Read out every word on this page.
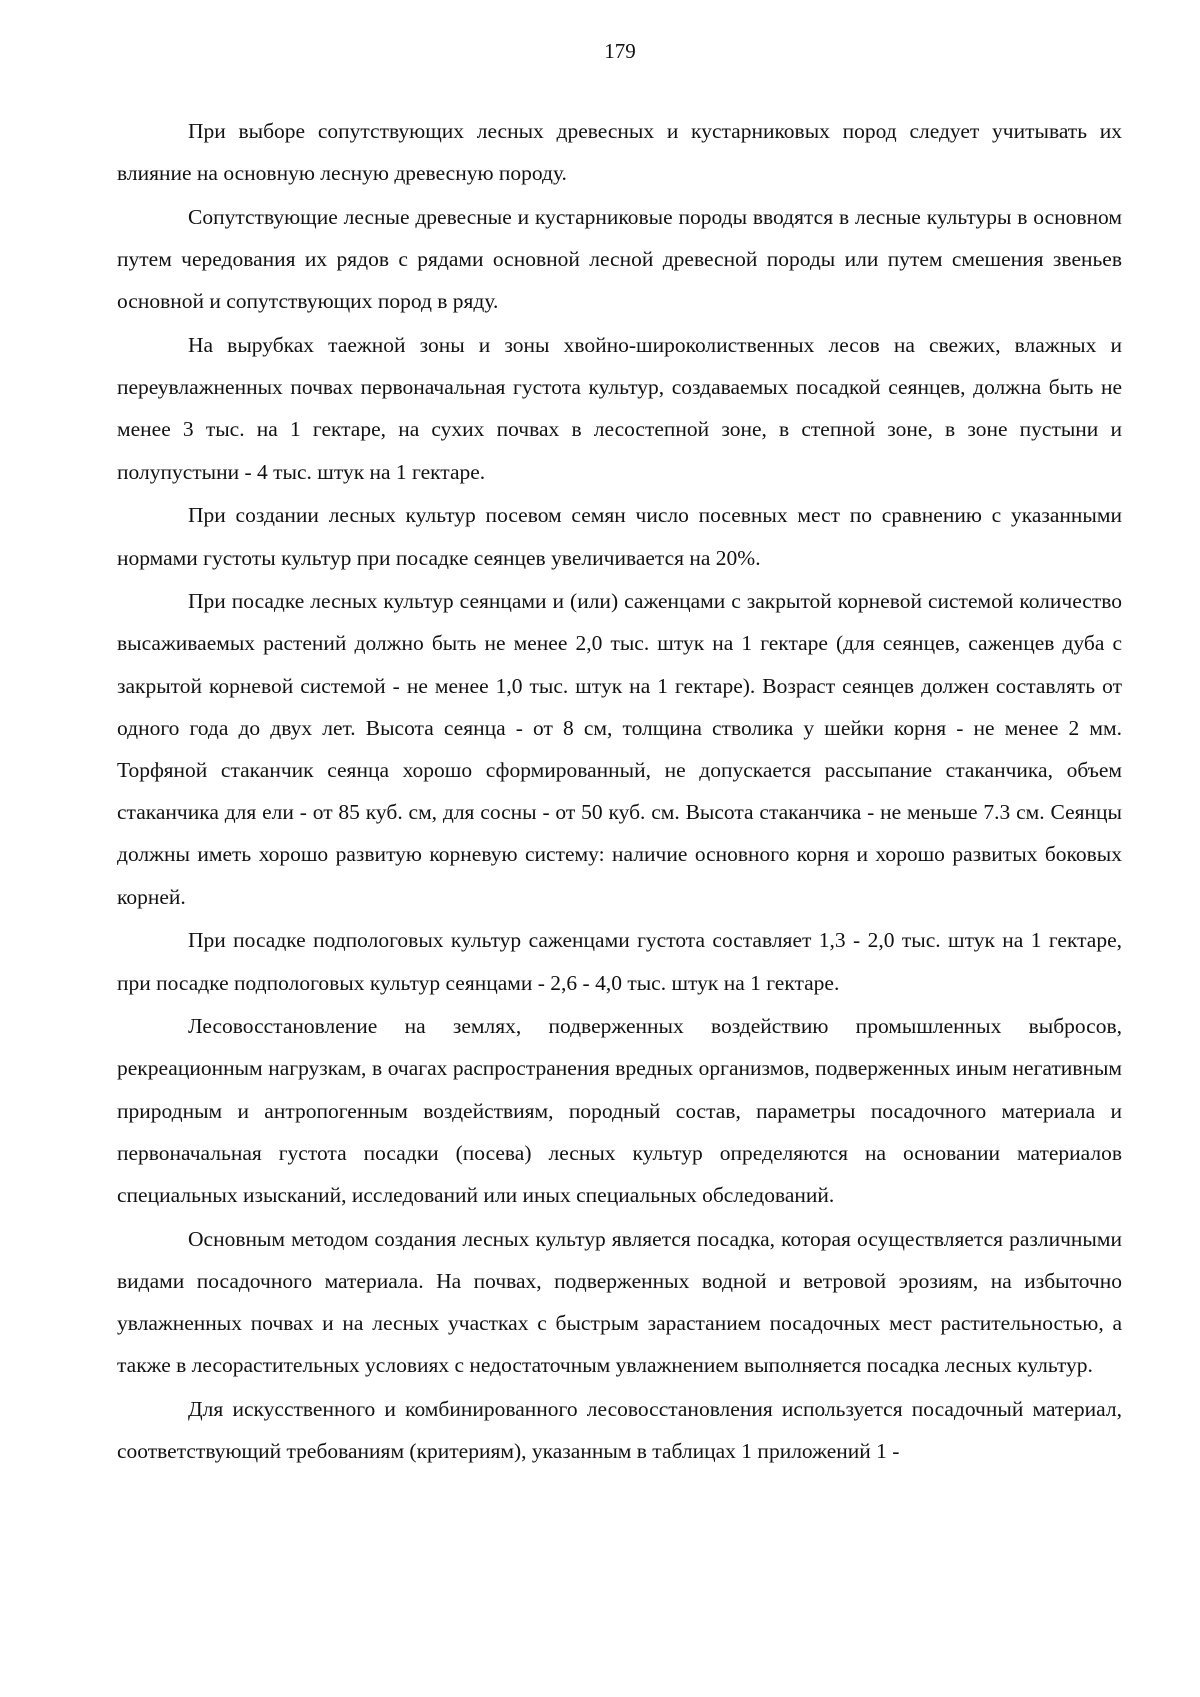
179

При выборе сопутствующих лесных древесных и кустарниковых пород следует учитывать их влияние на основную лесную древесную породу.

Сопутствующие лесные древесные и кустарниковые породы вводятся в лесные культуры в основном путем чередования их рядов с рядами основной лесной древесной породы или путем смешения звеньев основной и сопутствующих пород в ряду.

На вырубках таежной зоны и зоны хвойно-широколиственных лесов на свежих, влажных и переувлажненных почвах первоначальная густота культур, создаваемых посадкой сеянцев, должна быть не менее 3 тыс. на 1 гектаре, на сухих почвах в лесостепной зоне, в степной зоне, в зоне пустыни и полупустыни - 4 тыс. штук на 1 гектаре.

При создании лесных культур посевом семян число посевных мест по сравнению с указанными нормами густоты культур при посадке сеянцев увеличивается на 20%.

При посадке лесных культур сеянцами и (или) саженцами с закрытой корневой системой количество высаживаемых растений должно быть не менее 2,0 тыс. штук на 1 гектаре (для сеянцев, саженцев дуба с закрытой корневой системой - не менее 1,0 тыс. штук на 1 гектаре). Возраст сеянцев должен составлять от одного года до двух лет. Высота сеянца - от 8 см, толщина стволика у шейки корня - не менее 2 мм. Торфяной стаканчик сеянца хорошо сформированный, не допускается рассыпание стаканчика, объем стаканчика для ели - от 85 куб. см, для сосны - от 50 куб. см. Высота стаканчика - не меньше 7.3 см. Сеянцы должны иметь хорошо развитую корневую систему: наличие основного корня и хорошо развитых боковых корней.

При посадке подпологовых культур саженцами густота составляет 1,3 - 2,0 тыс. штук на 1 гектаре, при посадке подпологовых культур сеянцами - 2,6 - 4,0 тыс. штук на 1 гектаре.

Лесовосстановление на землях, подверженных воздействию промышленных выбросов, рекреационным нагрузкам, в очагах распространения вредных организмов, подверженных иным негативным природным и антропогенным воздействиям, породный состав, параметры посадочного материала и первоначальная густота посадки (посева) лесных культур определяются на основании материалов специальных изысканий, исследований или иных специальных обследований.

Основным методом создания лесных культур является посадка, которая осуществляется различными видами посадочного материала. На почвах, подверженных водной и ветровой эрозиям, на избыточно увлажненных почвах и на лесных участках с быстрым зарастанием посадочных мест растительностью, а также в лесорастительных условиях с недостаточным увлажнением выполняется посадка лесных культур.

Для искусственного и комбинированного лесовосстановления используется посадочный материал, соответствующий требованиям (критериям), указанным в таблицах 1 приложений 1 -
